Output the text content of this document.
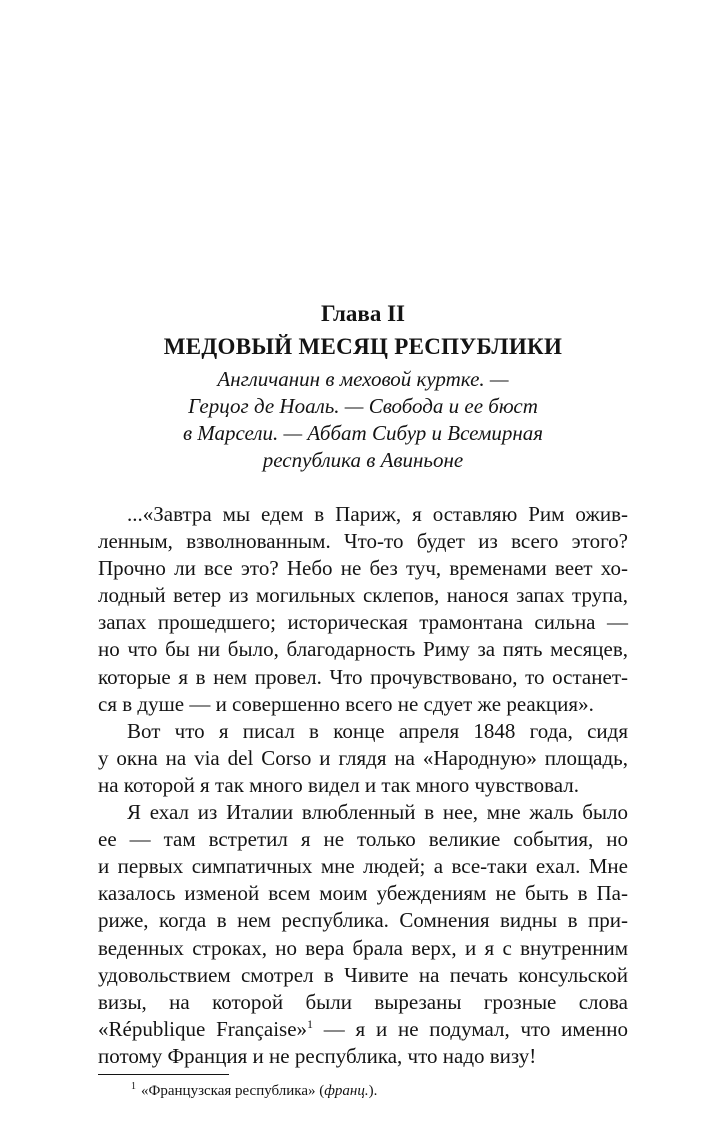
Глава II
МЕДОВЫЙ МЕСЯЦ РЕСПУБЛИКИ
Англичанин в меховой куртке. —
Герцог де Ноаль. — Свобода и ее бюст
в Марсели. — Аббат Сибур и Всемирная
республика в Авиньоне
...«Завтра мы едем в Париж, я оставляю Рим ожив-
ленным, взволнованным. Что-то будет из всего этого?
Прочно ли все это? Небо не без туч, временами веет хо-
лодный ветер из могильных склепов, нанося запах трупа,
запах прошедшего; историческая трамонтана сильна —
но что бы ни было, благодарность Риму за пять месяцев,
которые я в нем провел. Что прочувствовано, то останет-
ся в душе — и совершенно всего не сдует же реакция».
Вот что я писал в конце апреля 1848 года, сидя
у окна на via del Corso и глядя на «Народную» площадь,
на которой я так много видел и так много чувствовал.
Я ехал из Италии влюбленный в нее, мне жаль было
ее — там встретил я не только великие события, но
и первых симпатичных мне людей; а все-таки ехал. Мне
казалось изменой всем моим убеждениям не быть в Па-
риже, когда в нем республика. Сомнения видны в при-
веденных строках, но вера брала верх, и я с внутренним
удовольствием смотрел в Чивите на печать консульской
визы, на которой были вырезаны грозные слова
«République Française»$^1$ — я и не подумал, что именно
потому Франция и не республика, что надо визу!
$^1$ «Французская республика» (франц.).
